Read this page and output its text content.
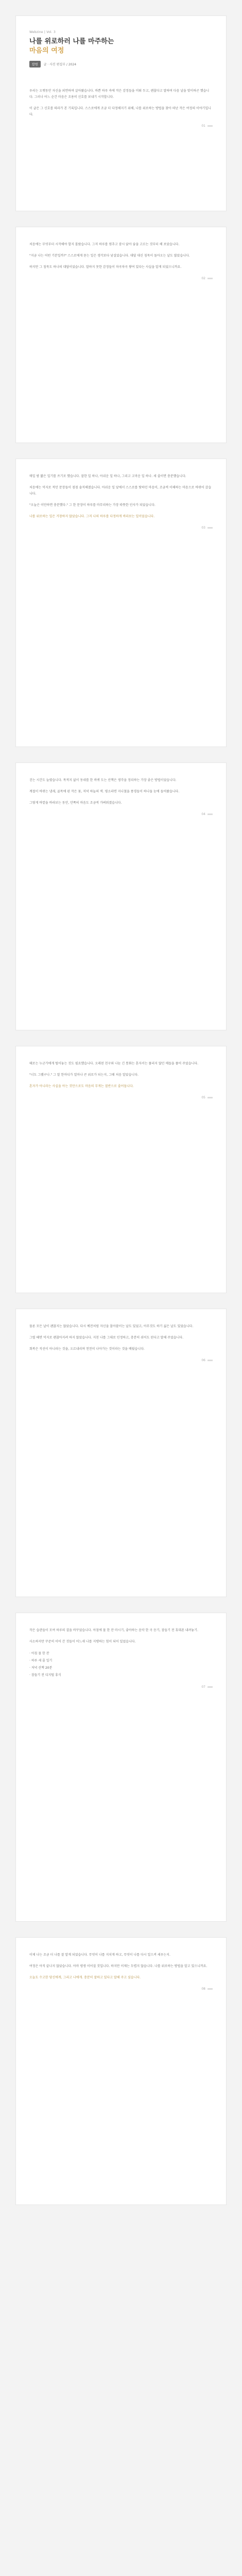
Webzine | Vol. 3
나를 위로하러 나를 마주하는
마음의 여정
칼럼	글 · 사진 편집부 / 2024

우리는 오랫동안 자신을 외면하며 살아왔습니다. 바쁜 하루 속에 작은 감정들을 미뤄 두고, 괜찮다고 말하며 다음 날을 맞이하곤 했습니다. 그러나 어느 순간 마음은 조용히 신호를 보내기 시작합니다.

이 글은 그 신호를 따라가 본 기록입니다. 스스로에게 조금 더 다정해지기 위해, 나를 위로하는 방법을 찾아 떠난 작은 여정의 이야기입니다.

01

처음에는 무엇부터 시작해야 할지 몰랐습니다. 그저 하루를 멈추고 잠시 앉아 숨을 고르는 것부터 해 보았습니다.

"지금 나는 어떤 기분일까?" 스스로에게 묻는 일은 생각보다 낯설었습니다. 대답 대신 침묵이 돌아오는 날도 많았습니다.

하지만 그 침묵도 하나의 대답이었습니다. 말하지 못한 감정들이 차곡차곡 쌓여 있다는 사실을 알게 되었으니까요.

02

매일 밤 짧은 일기를 쓰기로 했습니다. 잘한 일 하나, 아쉬운 일 하나, 그리고 고마운 일 하나. 세 줄이면 충분했습니다.

처음에는 억지로 적던 문장들이 점점 솔직해졌습니다. 아쉬운 일 앞에서 스스로를 탓하던 마음이, 조금씩 이해하는 마음으로 바뀌어 갔습니다.

"오늘은 이만하면 충분했다." 그 한 문장이 하루를 마무리하는 가장 따뜻한 인사가 되었습니다.

나를 위로하는 일은 거창하지 않았습니다. 그저 나의 하루를 다정하게 바라보는 일이었습니다.

03

걷는 시간도 늘렸습니다. 목적지 없이 동네를 한 바퀴 도는 산책은 생각을 정리하는 가장 좋은 방법이었습니다.

계절이 바뀌는 냄새, 골목에 핀 작은 꽃, 저녁 하늘의 색. 평소라면 지나쳤을 풍경들이 하나둘 눈에 들어왔습니다.

그렇게 바깥을 바라보는 동안, 안쪽의 마음도 조금씩 가벼워졌습니다.

04

때로는 누군가에게 털어놓는 것도 필요했습니다. 오래된 친구와 나눈 긴 통화는 혼자서는 풀리지 않던 매듭을 풀어 주었습니다.

"너도 그랬구나." 그 말 한마디가 얼마나 큰 위로가 되는지, 그때 처음 알았습니다.

혼자가 아니라는 사실을 아는 것만으로도 마음의 무게는 절반으로 줄어듭니다.

05

물론 모든 날이 괜찮지는 않았습니다. 다시 예전처럼 자신을 몰아붙이는 날도 있었고, 아무것도 하기 싫은 날도 있었습니다.

그럴 때면 억지로 괜찮아지려 하지 않았습니다. 지친 나를 그대로 인정하고, 충분히 쉬어도 된다고 말해 주었습니다.

회복은 직선이 아니라는 것을, 오르내리며 천천히 나아가는 것이라는 것을 배웠습니다.

06

작은 습관들이 모여 하루의 결을 바꾸었습니다. 아침에 물 한 잔 마시기, 좋아하는 음악 한 곡 듣기, 잠들기 전 휴대폰 내려놓기.

사소하지만 꾸준히 이어 간 것들이 어느새 나를 지탱하는 힘이 되어 있었습니다.

· 아침 물 한 잔
· 하루 세 줄 일기
· 저녁 산책 20분
· 잠들기 전 디지털 휴식
07

이제 나는 조금 더 나를 잘 알게 되었습니다. 무엇이 나를 지치게 하고, 무엇이 나를 다시 일으켜 세우는지.

여정은 아직 끝나지 않았습니다. 아마 평생 이어질 것입니다. 하지만 이제는 두렵지 않습니다. 나를 위로하는 방법을 알고 있으니까요.

오늘도 수고한 당신에게, 그리고 나에게. 충분히 잘하고 있다고 말해 주고 싶습니다.

08
